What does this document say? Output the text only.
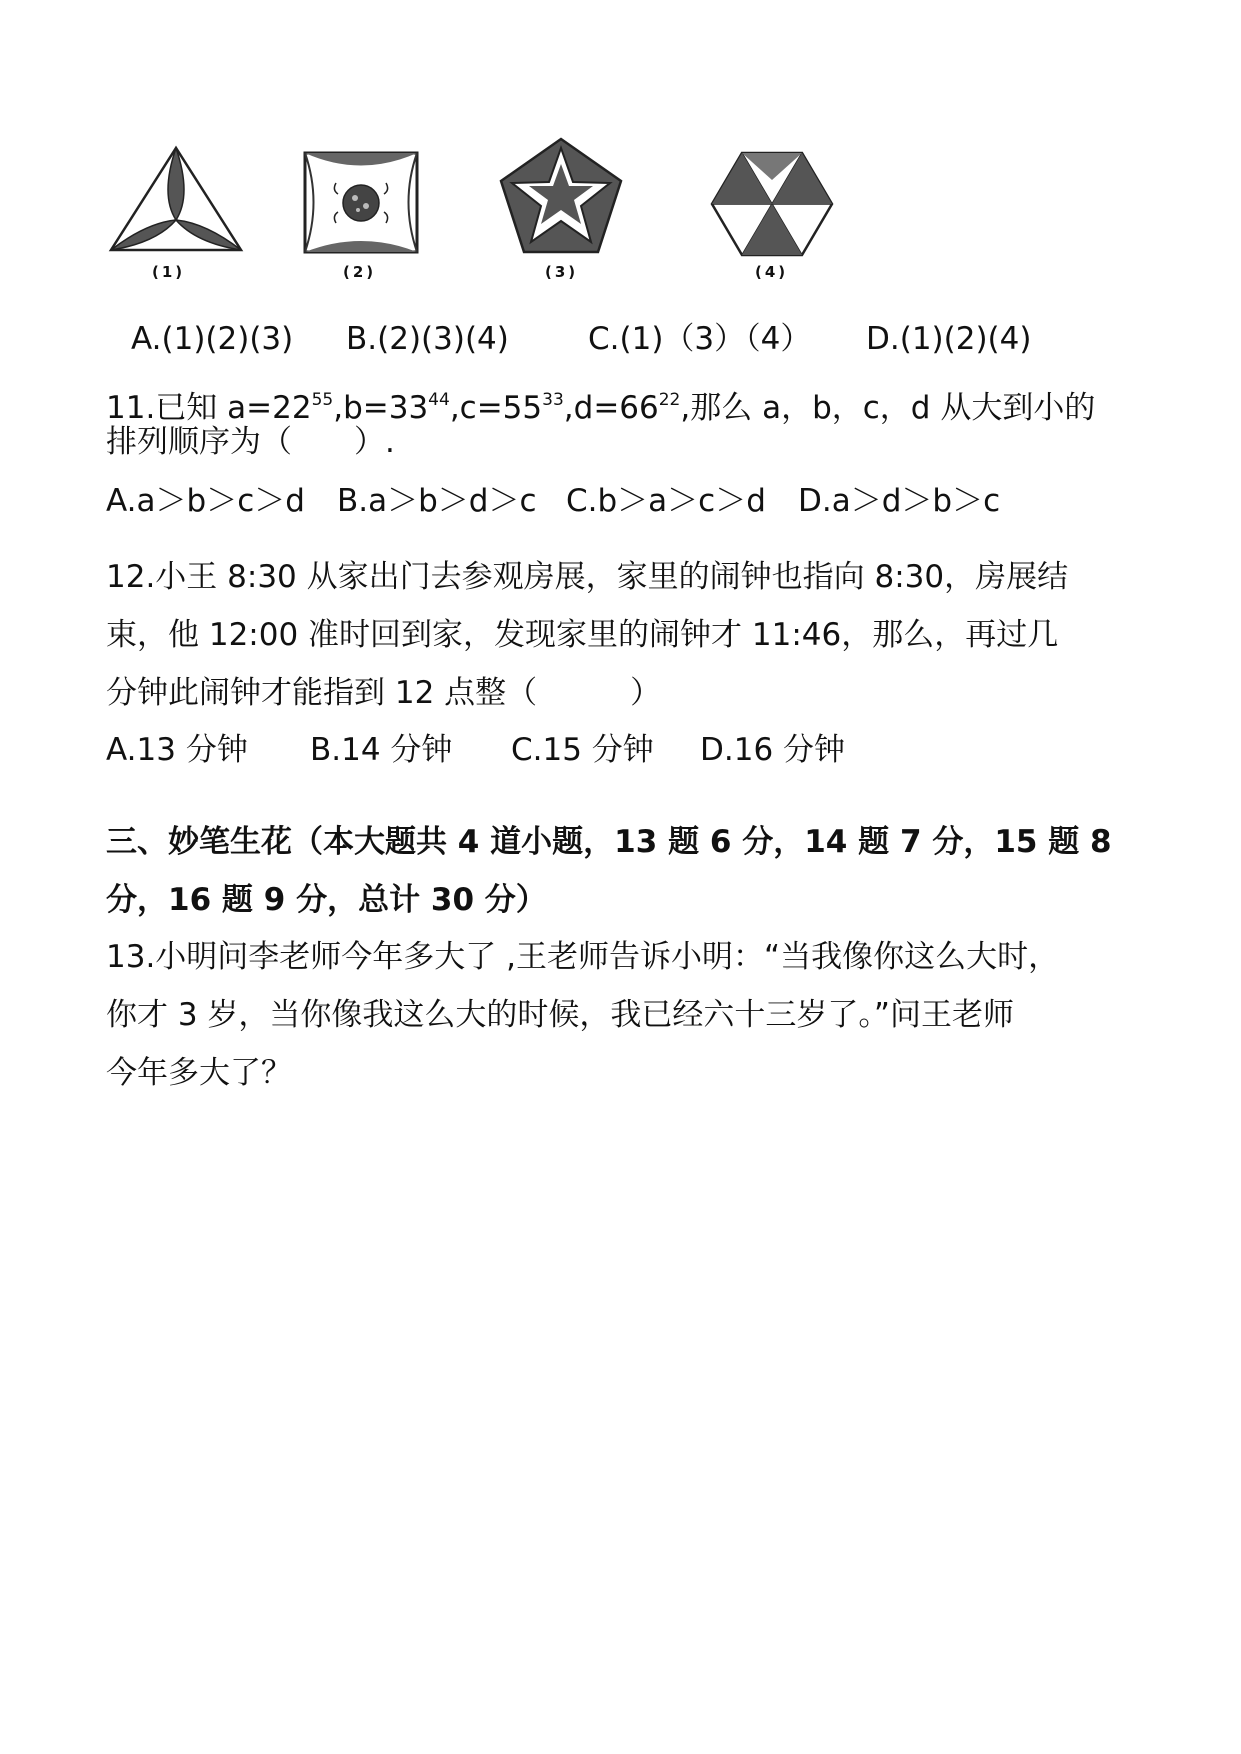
(1)	(2)	(3)	(4)
A.(1)(2)(3) B.(2)(3)(4)	C.(1)（3）（4） D.(1)(2)(4)
11.已知 $a=22^{55},b=33^{44},c=55^{33},d=66^{22}$,那么 a，b，c，d 从大到小的
排列顺序为（　　）.
A.a＞b＞c＞d B.a＞b＞d＞c C.b＞a＞c＞d D.a＞d＞b＞c
12.小王 8:30 从家出门去参观房展，家里的闹钟也指向 8:30，房展结
束，他 12:00 准时回到家，发现家里的闹钟才 11:46，那么，再过几
分钟此闹钟才能指到 12 点整（　　　）
A.13 分钟 B.14 分钟 C.15 分钟 D.16 分钟
三、妙笔生花（本大题共 4 道小题，13 题 6 分，14 题 7 分，15 题 8
分，16 题 9 分，总计 30 分）
13.小明问李老师今年多大了 ,王老师告诉小明：“当我像你这么大时，
你才 3 岁，当你像我这么大的时候，我已经六十三岁了。”问王老师
今年多大了？
